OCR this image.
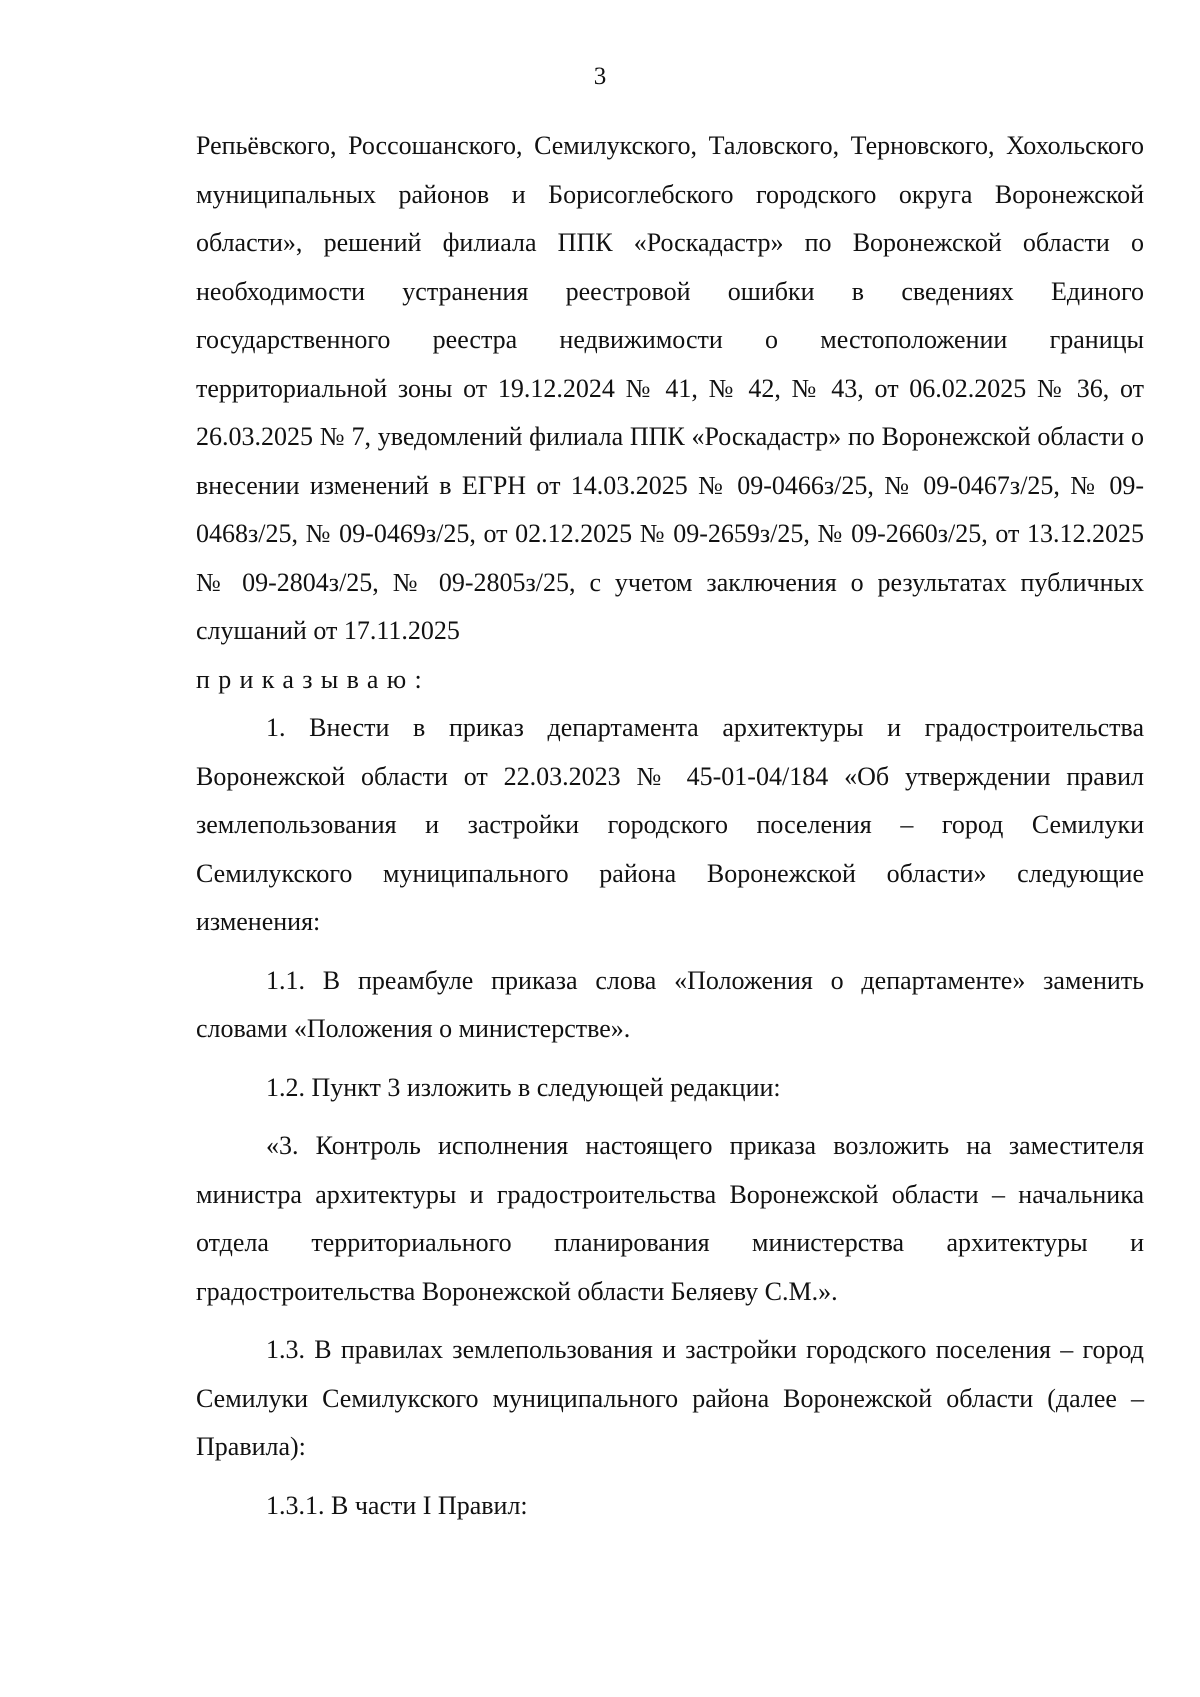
3

Репьёвского, Россошанского, Семилукского, Таловского, Терновского, Хохольского муниципальных районов и Борисоглебского городского округа Воронежской области», решений филиала ППК «Роскадастр» по Воронежской области о необходимости устранения реестровой ошибки в сведениях Единого государственного реестра недвижимости о местоположении границы территориальной зоны от 19.12.2024 № 41, № 42, № 43, от 06.02.2025 № 36, от 26.03.2025 № 7, уведомлений филиала ППК «Роскадастр» по Воронежской области о внесении изменений в ЕГРН от 14.03.2025 № 09-0466з/25, № 09-0467з/25, № 09-0468з/25, № 09-0469з/25, от 02.12.2025 № 09-2659з/25, № 09-2660з/25, от 13.12.2025 № 09-2804з/25, № 09-2805з/25, с учетом заключения о результатах публичных слушаний от 17.11.2025

приказываю:

1. Внести в приказ департамента архитектуры и градостроительства Воронежской области от 22.03.2023 № 45-01-04/184 «Об утверждении правил землепользования и застройки городского поселения – город Семилуки Семилукского муниципального района Воронежской области» следующие изменения:

1.1. В преамбуле приказа слова «Положения о департаменте» заменить словами «Положения о министерстве».

1.2. Пункт 3 изложить в следующей редакции:

«3. Контроль исполнения настоящего приказа возложить на заместителя министра архитектуры и градостроительства Воронежской области – начальника отдела территориального планирования министерства архитектуры и градостроительства Воронежской области Беляеву С.М.».

1.3. В правилах землепользования и застройки городского поселения – город Семилуки Семилукского муниципального района Воронежской области (далее – Правила):

1.3.1. В части I Правил:
